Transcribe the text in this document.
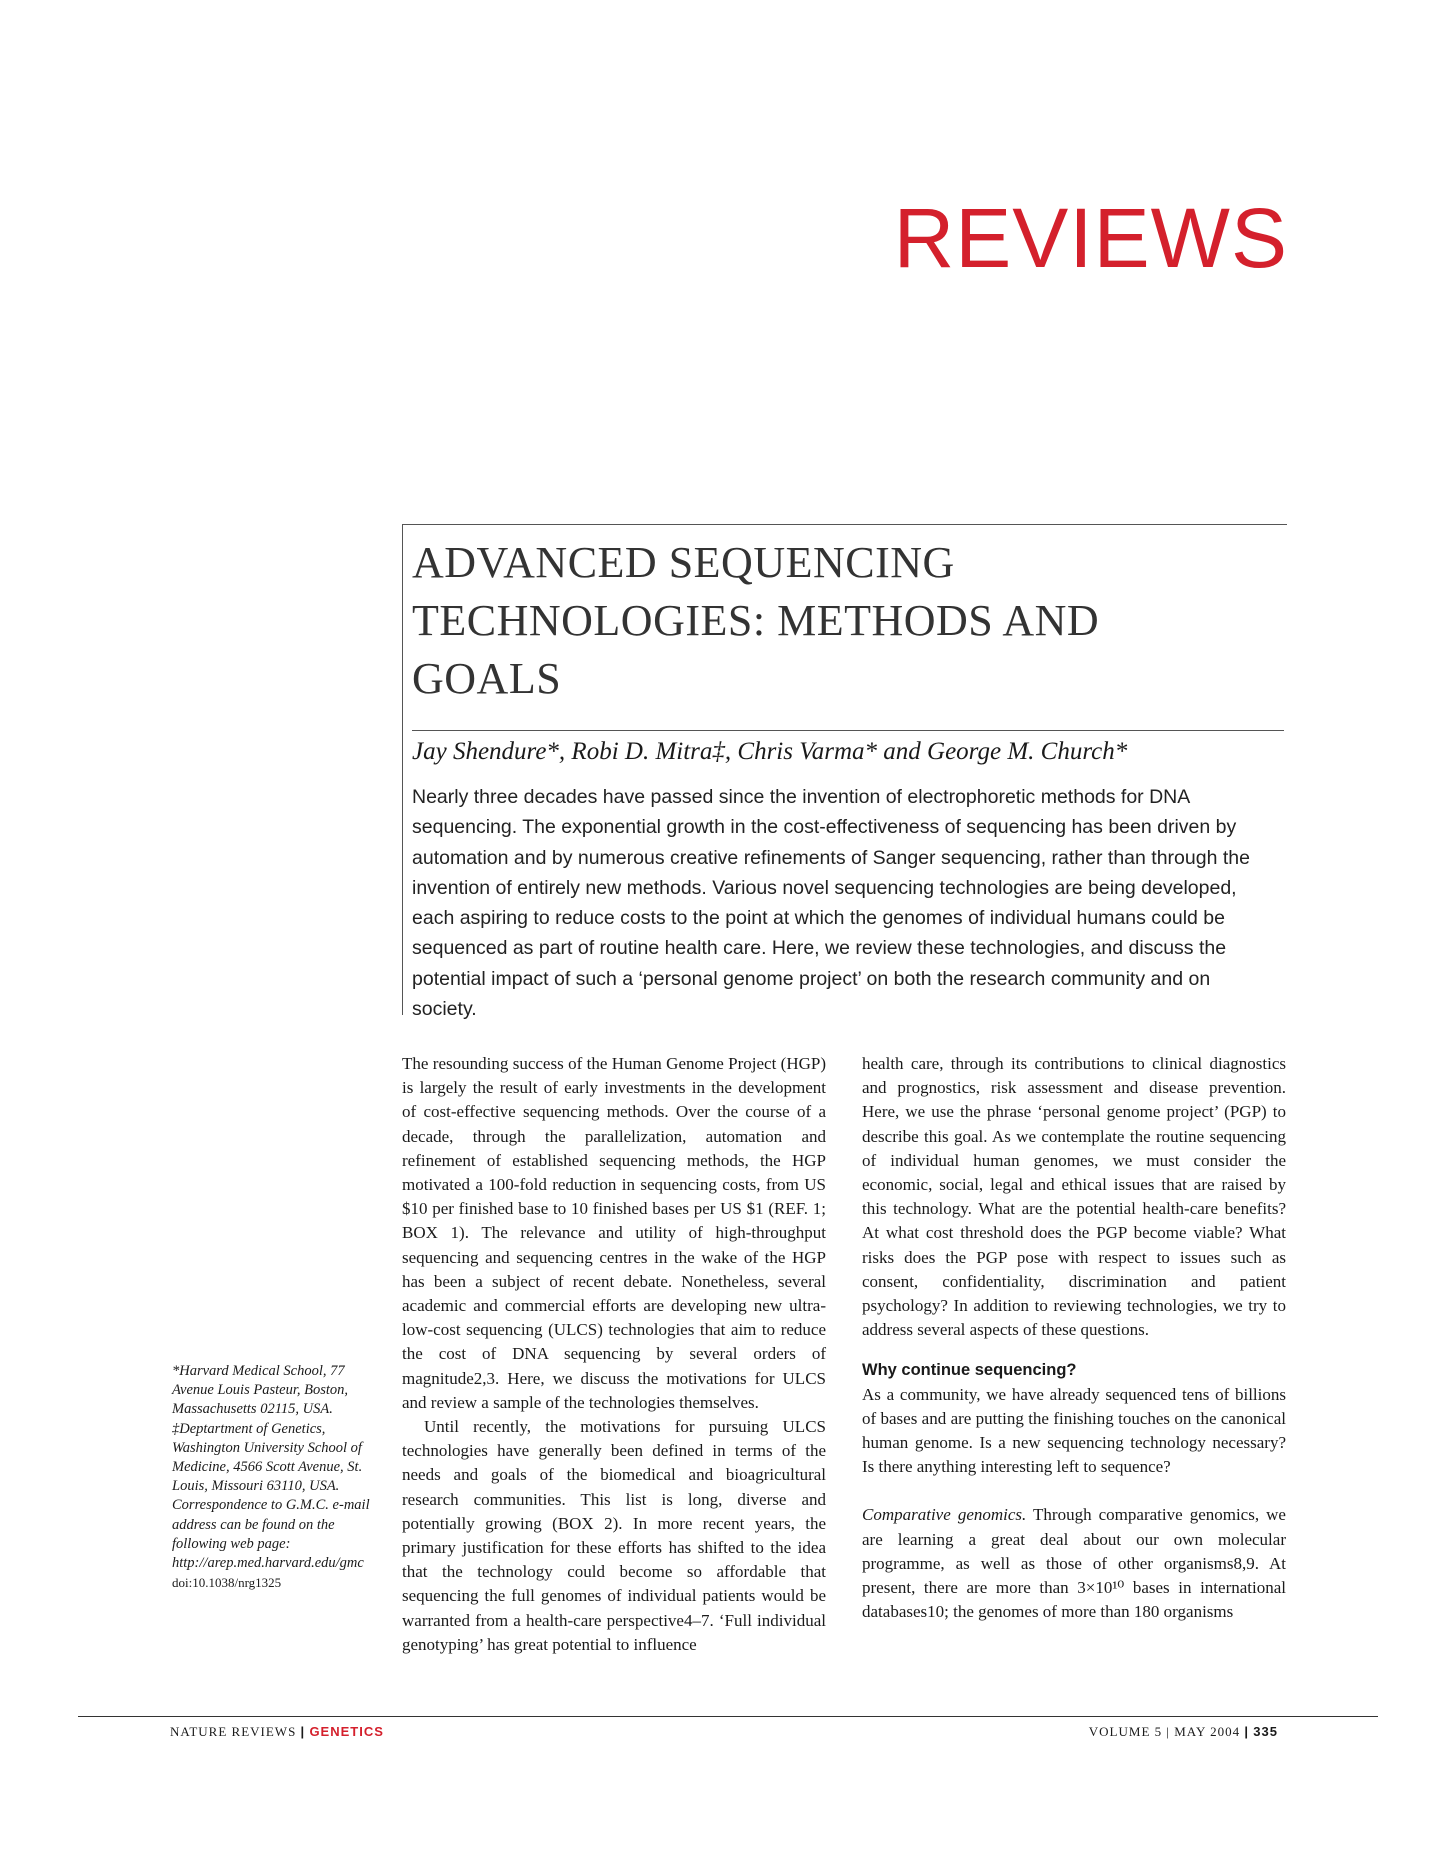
REVIEWS
ADVANCED SEQUENCING TECHNOLOGIES: METHODS AND GOALS
Jay Shendure*, Robi D. Mitra‡, Chris Varma* and George M. Church*
Nearly three decades have passed since the invention of electrophoretic methods for DNA sequencing. The exponential growth in the cost-effectiveness of sequencing has been driven by automation and by numerous creative refinements of Sanger sequencing, rather than through the invention of entirely new methods. Various novel sequencing technologies are being developed, each aspiring to reduce costs to the point at which the genomes of individual humans could be sequenced as part of routine health care. Here, we review these technologies, and discuss the potential impact of such a ‘personal genome project’ on both the research community and on society.
*Harvard Medical School, 77 Avenue Louis Pasteur, Boston, Massachusetts 02115, USA.
‡Deptartment of Genetics, Washington University School of Medicine, 4566 Scott Avenue, St. Louis, Missouri 63110, USA.
Correspondence to G.M.C. e-mail address can be found on the following web page: http://arep.med.harvard.edu/gmc
doi:10.1038/nrg1325

The resounding success of the Human Genome Project (HGP) is largely the result of early investments in the development of cost-effective sequencing methods. Over the course of a decade, through the parallelization, automation and refinement of established sequencing methods, the HGP motivated a 100-fold reduction in sequencing costs, from US $10 per finished base to 10 finished bases per US $1 (REF. 1; BOX 1). The relevance and utility of high-throughput sequencing and sequencing centres in the wake of the HGP has been a subject of recent debate. Nonetheless, several academic and commercial efforts are developing new ultra-low-cost sequencing (ULCS) technologies that aim to reduce the cost of DNA sequencing by several orders of magnitude2,3. Here, we discuss the motivations for ULCS and review a sample of the technologies themselves.

Until recently, the motivations for pursuing ULCS technologies have generally been defined in terms of the needs and goals of the biomedical and bioagricultural research communities. This list is long, diverse and potentially growing (BOX 2). In more recent years, the primary justification for these efforts has shifted to the idea that the technology could become so affordable that sequencing the full genomes of individual patients would be warranted from a health-care perspective4–7. ‘Full individual genotyping’ has great potential to influence

health care, through its contributions to clinical diagnostics and prognostics, risk assessment and disease prevention. Here, we use the phrase ‘personal genome project’ (PGP) to describe this goal. As we contemplate the routine sequencing of individual human genomes, we must consider the economic, social, legal and ethical issues that are raised by this technology. What are the potential health-care benefits? At what cost threshold does the PGP become viable? What risks does the PGP pose with respect to issues such as consent, confidentiality, discrimination and patient psychology? In addition to reviewing technologies, we try to address several aspects of these questions.

Why continue sequencing?

As a community, we have already sequenced tens of billions of bases and are putting the finishing touches on the canonical human genome. Is a new sequencing technology necessary? Is there anything interesting left to sequence?

Comparative genomics. Through comparative genomics, we are learning a great deal about our own molecular programme, as well as those of other organisms8,9. At present, there are more than 3×10¹⁰ bases in international databases10; the genomes of more than 180 organisms

NATURE REVIEWS | GENETICS	VOLUME 5 | MAY 2004 | 335
